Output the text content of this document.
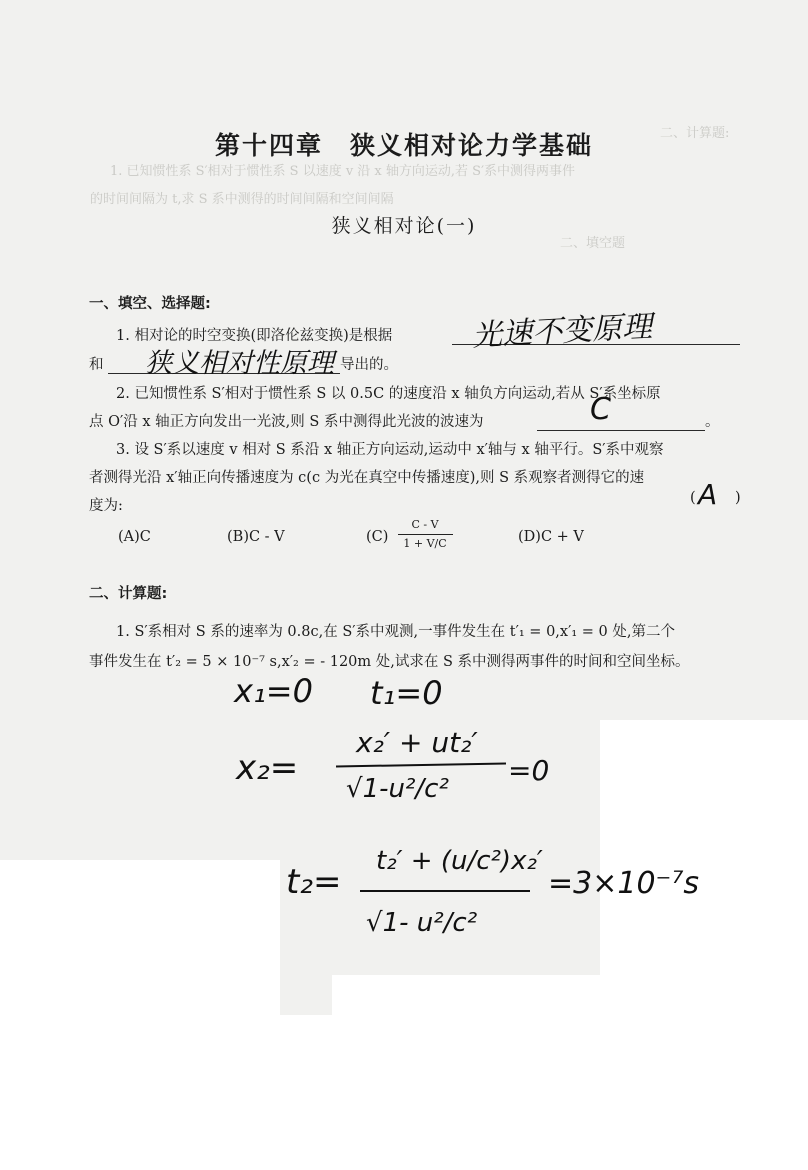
二、计算题:
1. 已知惯性系 S′相对于惯性系 S 以速度 v 沿 x 轴方向运动,若 S′系中测得两事件
的时间间隔为 t,求 S 系中测得的时间间隔和空间间隔
二、填空题
第十四章　狭义相对论力学基础
狭义相对论(一)
一、填空、选择题:
1. 相对论的时空变换(即洛伦兹变换)是根据	光速不变原理
和 狭义相对性原理 导出的。
2. 已知惯性系 S′相对于惯性系 S 以 0.5C 的速度沿 x 轴负方向运动,若从 S′系坐标原
点 O′沿 x 轴正方向发出一光波,则 S 系中测得此光波的波速为	C	。
3. 设 S′系以速度 v 相对 S 系沿 x 轴正方向运动,运动中 x′轴与 x 轴平行。S′系中观察
者测得光沿 x′轴正向传播速度为 c(c 为光在真空中传播速度),则 S 系观察者测得它的速
度为:	( A )
(A)C	(B)C - V	(C)
C - V
1 + V/C	(D)C + V
二、计算题:
1. S′系相对 S 系的速率为 0.8c,在 S′系中观测,一事件发生在 t′₁ = 0,x′₁ = 0 处,第二个
事件发生在 t′₂ = 5 × 10⁻⁷ s,x′₂ = - 120m 处,试求在 S 系中测得两事件的时间和空间坐标。
x₁=0 t₁=0
x₂=
x₂′ + ut₂′
√1-u²/c²
=0
t₂=
t₂′ + (u/c²)x₂′
√1- u²/c²
=3×10⁻⁷s
